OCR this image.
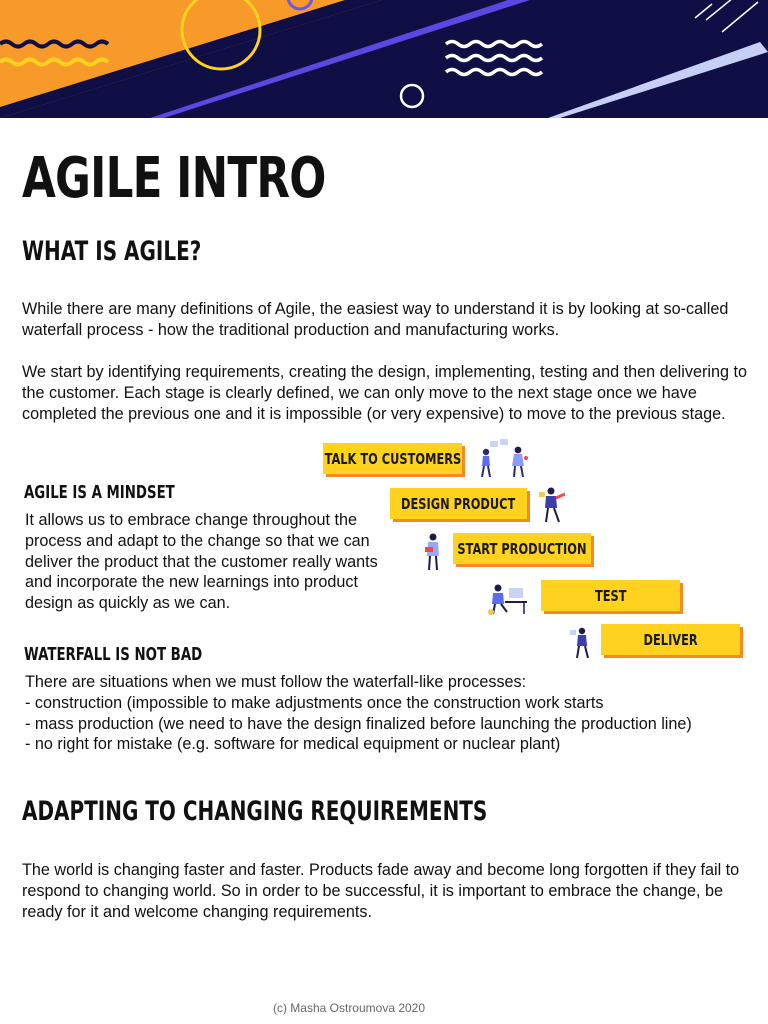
AGILE INTRO
WHAT IS AGILE?

While there are many definitions of Agile, the easiest way to understand it is by looking at so-called waterfall process - how the traditional production and manufacturing works.

We start by identifying requirements, creating the design, implementing, testing and then delivering to the customer. Each stage is clearly defined, we can only move to the next stage once we have completed the previous one and it is impossible (or very expensive) to move to the previous stage.

AGILE IS A MINDSET

It allows us to embrace change throughout the process and adapt to the change so that we can deliver the product that the customer really wants and incorporate the new learnings into product design as quickly as we can.

TALK TO CUSTOMERS
DESIGN PRODUCT
START PRODUCTION
TEST
DELIVER
WATERFALL IS NOT BAD
There are situations when we must follow the waterfall-like processes:
- construction (impossible to make adjustments once the construction work starts
- mass production (we need to have the design finalized before launching the production line)
- no right for mistake (e.g. software for medical equipment or nuclear plant)
ADAPTING TO CHANGING REQUIREMENTS

The world is changing faster and faster. Products fade away and become long forgotten if they fail to respond to changing world. So in order to be successful, it is important to embrace the change, be ready for it and welcome changing requirements.

(c) Masha Ostroumova 2020
